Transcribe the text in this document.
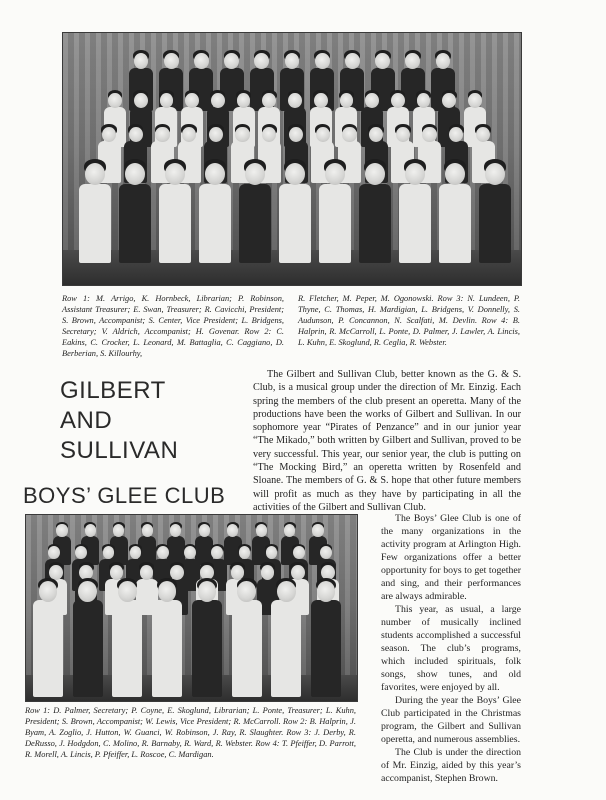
Row 1: M. Arrigo, K. Hornbeck, Librarian; P. Robinson, Assistant Treasurer; E. Swan, Treasurer; R. Cavicchi, President; S. Brown, Accompanist; S. Center, Vice President; L. Bridgens, Secretary; V. Aldrich, Accompanist; H. Govenar. Row 2: C. Eakins, C. Crocker, L. Leonard, M. Battaglia, C. Caggiano, D. Berberian, S. Killourhy,

R. Fletcher, M. Peper, M. Ogonowski. Row 3: N. Lundeen, P. Thyne, C. Thomas, H. Mardigian, L. Bridgens, V. Donnelly, S. Audunson, P. Concannon, N. Scalfati, M. Devlin. Row 4: B. Halprin, R. McCarroll, L. Ponte, D. Palmer, J. Lawler, A. Lincis, L. Kuhn, E. Skoglund, R. Ceglia, R. Webster.

GILBERT
AND
SULLIVAN

The Gilbert and Sullivan Club, better known as the G. & S. Club, is a musical group under the direction of Mr. Einzig. Each spring the members of the club present an operetta. Many of the productions have been the works of Gilbert and Sullivan. In our sophomore year “Pirates of Penzance” and in our junior year “The Mikado,” both written by Gilbert and Sullivan, proved to be very successful. This year, our senior year, the club is putting on “The Mocking Bird,” an operetta written by Rosenfeld and Sloane. The members of G. & S. hope that other future members will profit as much as they have by participating in all the activities of the Gilbert and Sullivan Club.

BOYS’ GLEE CLUB

The Boys’ Glee Club is one of the many organizations in the activity program at Arlington High. Few organizations offer a better opportunity for boys to get together and sing, and their performances are always admirable.

This year, as usual, a large number of musically inclined students accomplished a successful season. The club’s programs, which included spirituals, folk songs, show tunes, and old favorites, were enjoyed by all.

During the year the Boys’ Glee Club participated in the Christmas program, the Gilbert and Sullivan operetta, and numerous assemblies.

The Club is under the direction of Mr. Einzig, aided by this year’s accompanist, Stephen Brown.

Row 1: D. Palmer, Secretary; P. Coyne, E. Skoglund, Librarian; L. Ponte, Treasurer; L. Kuhn, President; S. Brown, Accompanist; W. Lewis, Vice President; R. McCarroll. Row 2: B. Halprin, J. Byam, A. Zoglio, J. Hutton, W. Guanci, W. Robinson, J. Ray, R. Slaughter. Row 3: J. Derby, R. DeRusso, J. Hodgdon, C. Molino, R. Barnaby, R. Ward, R. Webster. Row 4: T. Pfeiffer, D. Parrott, R. Morell, A. Lincis, P. Pfeiffer, L. Roscoe, C. Mardigan.
